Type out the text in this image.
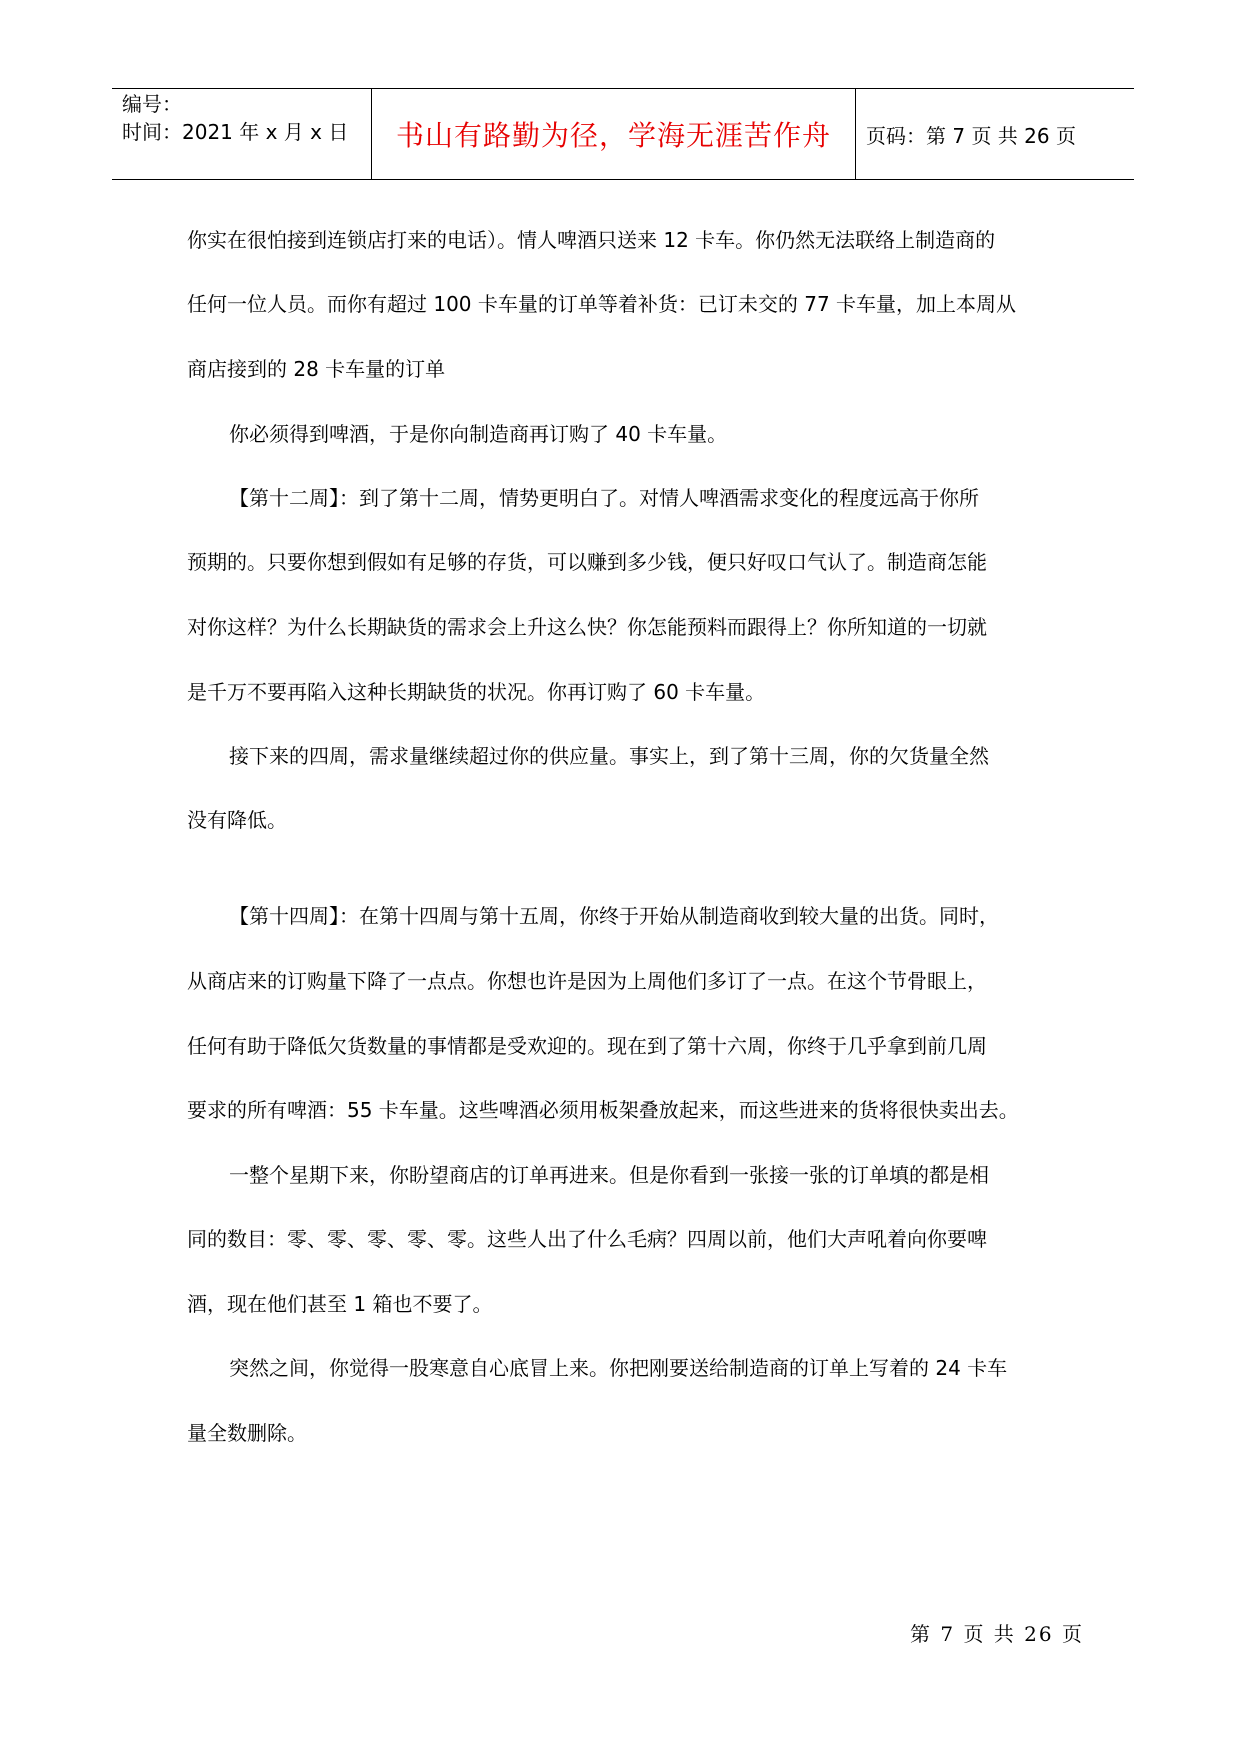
编号：
时间：2021 年 x 月 x 日	书山有路勤为径，学海无涯苦作舟	页码：第 7 页 共 26 页
你实在很怕接到连锁店打来的电话）。情人啤酒只送来 12 卡车。你仍然无法联络上制造商的
任何一位人员。而你有超过 100 卡车量的订单等着补货：已订未交的 77 卡车量，加上本周从
商店接到的 28 卡车量的订单
你必须得到啤酒，于是你向制造商再订购了 40 卡车量。
【第十二周】：到了第十二周，情势更明白了。对情人啤酒需求变化的程度远高于你所
预期的。只要你想到假如有足够的存货，可以赚到多少钱，便只好叹口气认了。制造商怎能
对你这样？为什么长期缺货的需求会上升这么快？你怎能预料而跟得上？你所知道的一切就
是千万不要再陷入这种长期缺货的状况。你再订购了 60 卡车量。
接下来的四周，需求量继续超过你的供应量。事实上，到了第十三周，你的欠货量全然
没有降低。
【第十四周】：在第十四周与第十五周，你终于开始从制造商收到较大量的出货。同时，
从商店来的订购量下降了一点点。你想也许是因为上周他们多订了一点。在这个节骨眼上，
任何有助于降低欠货数量的事情都是受欢迎的。现在到了第十六周，你终于几乎拿到前几周
要求的所有啤酒：55 卡车量。这些啤酒必须用板架叠放起来，而这些进来的货将很快卖出去。
一整个星期下来，你盼望商店的订单再进来。但是你看到一张接一张的订单填的都是相
同的数目：零、零、零、零、零。这些人出了什么毛病？四周以前，他们大声吼着向你要啤
酒，现在他们甚至 1 箱也不要了。
突然之间，你觉得一股寒意自心底冒上来。你把刚要送给制造商的订单上写着的 24 卡车
量全数删除。
第 7 页 共 26 页
